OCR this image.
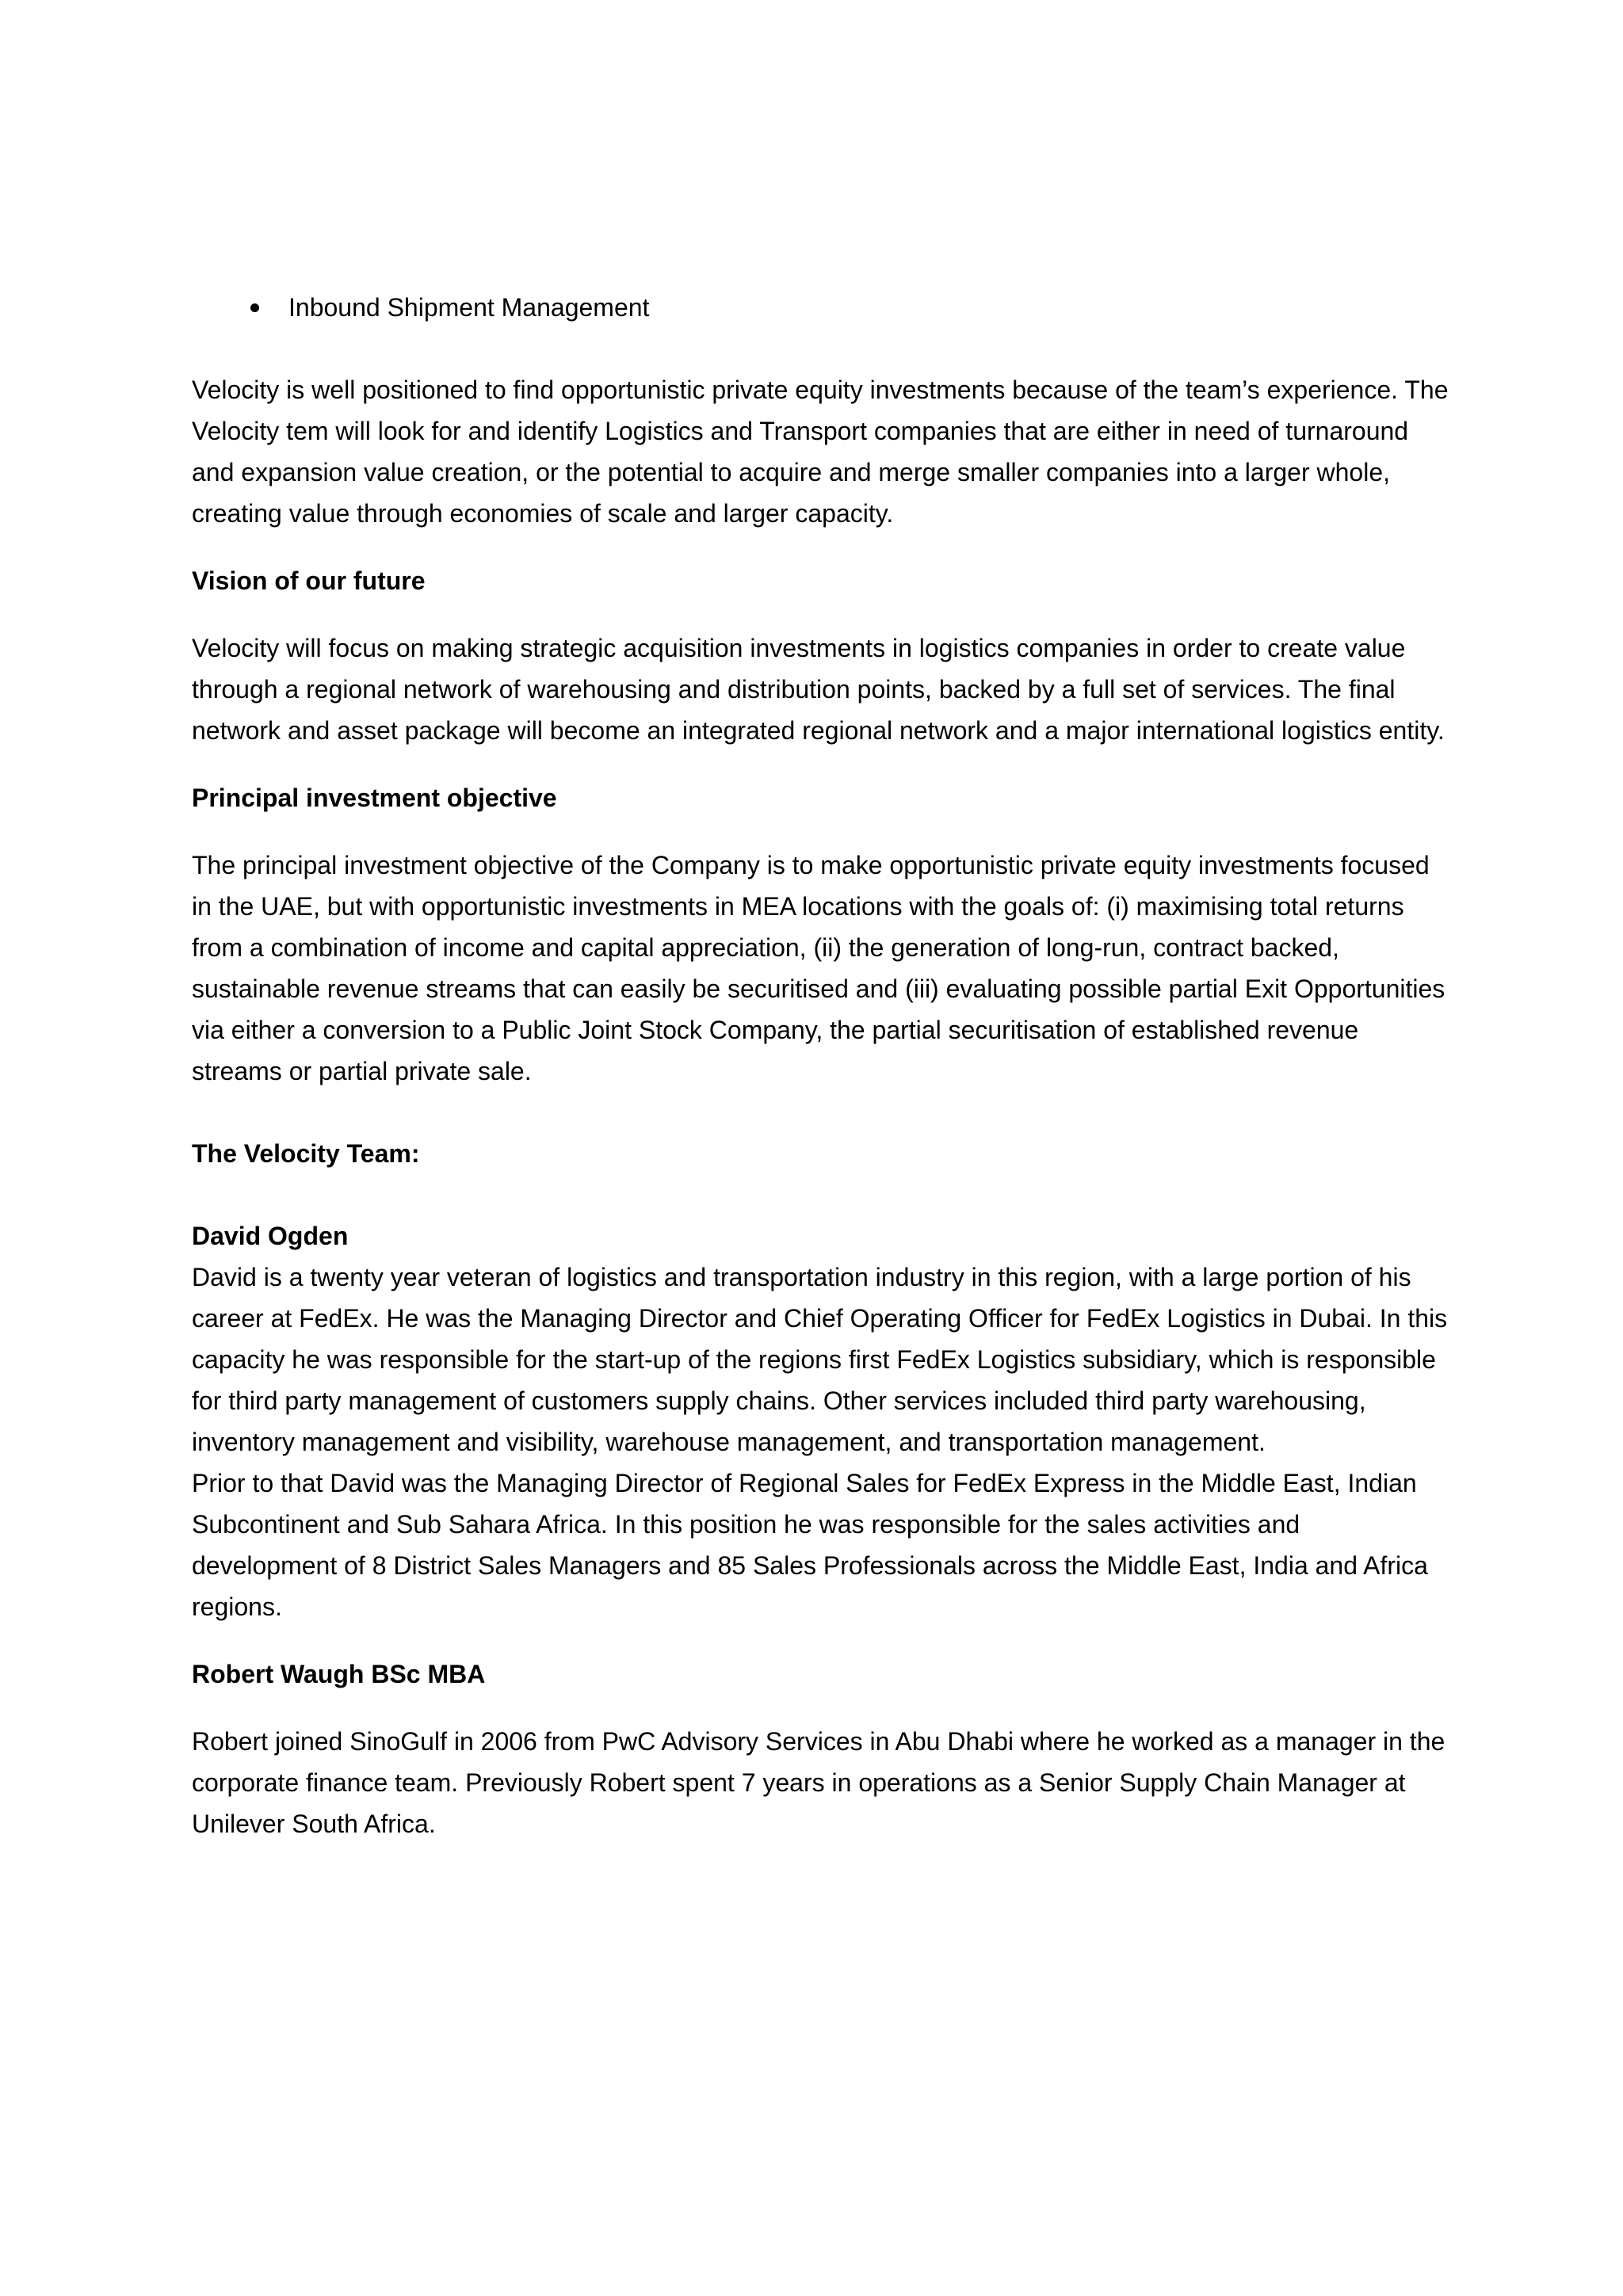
Inbound Shipment Management

Velocity is well positioned to find opportunistic private equity investments because of the team’s experience. The Velocity tem will look for and identify Logistics and Transport companies that are either in need of turnaround and expansion value creation, or the potential to acquire and merge smaller companies into a larger whole, creating value through economies of scale and larger capacity.

Vision of our future

Velocity will focus on making strategic acquisition investments in logistics companies in order to create value through a regional network of warehousing and distribution points, backed by a full set of services. The final network and asset package will become an integrated regional network and a major international logistics entity.

Principal investment objective

The principal investment objective of the Company is to make opportunistic private equity investments focused in the UAE, but with opportunistic investments in MEA locations with the goals of: (i) maximising total returns from a combination of income and capital appreciation, (ii) the generation of long-run, contract backed, sustainable revenue streams that can easily be securitised and (iii) evaluating possible partial Exit Opportunities via either a conversion to a Public Joint Stock Company, the partial securitisation of established revenue streams or partial private sale.

The Velocity Team:
David Ogden

David is a twenty year veteran of logistics and transportation industry in this region, with a large portion of his career at FedEx. He was the Managing Director and Chief Operating Officer for FedEx Logistics in Dubai. In this capacity he was responsible for the start-up of the regions first FedEx Logistics subsidiary, which is responsible for third party management of customers supply chains. Other services included third party warehousing, inventory management and visibility, warehouse management, and transportation management.

Prior to that David was the Managing Director of Regional Sales for FedEx Express in the Middle East, Indian Subcontinent and Sub Sahara Africa. In this position he was responsible for the sales activities and development of 8 District Sales Managers and 85 Sales Professionals across the Middle East, India and Africa regions.

Robert Waugh BSc MBA

Robert joined SinoGulf in 2006 from PwC Advisory Services in Abu Dhabi where he worked as a manager in the corporate finance team. Previously Robert spent 7 years in operations as a Senior Supply Chain Manager at Unilever South Africa.
